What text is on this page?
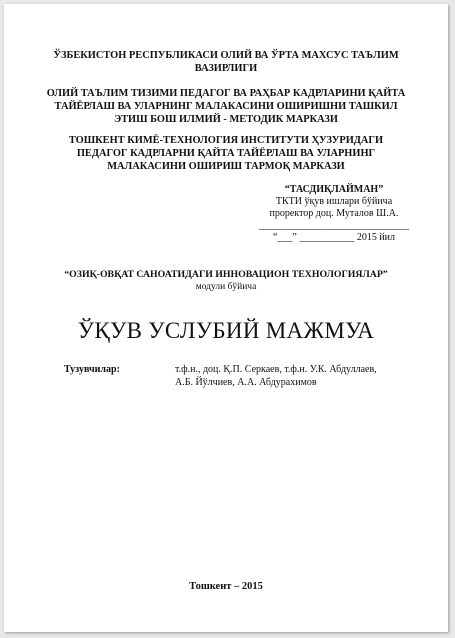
ЎЗБЕКИСТОН РЕСПУБЛИКАСИ ОЛИЙ ВА ЎРТА МАХСУС ТАЪЛИМ
ВАЗИРЛИГИ
ОЛИЙ ТАЪЛИМ ТИЗИМИ ПЕДАГОГ ВА РАҲБАР КАДРЛАРИНИ ҚАЙТА
ТАЙЁРЛАШ ВА УЛАРНИНГ МАЛАКАСИНИ ОШИРИШНИ ТАШКИЛ
ЭТИШ БОШ ИЛМИЙ - МЕТОДИК МАРКАЗИ
ТОШКЕНТ КИМЁ-ТЕХНОЛОГИЯ ИНСТИТУТИ ҲУЗУРИДАГИ
ПЕДАГОГ КАДРЛАРНИ ҚАЙТА ТАЙЁРЛАШ ВА УЛАРНИНГ
МАЛАКАСИНИ ОШИРИШ ТАРМОҚ МАРКАЗИ
“ТАСДИҚЛАЙМАН”
ТКТИ ўқув ишлари бўйича
проректор доц. Муталов Ш.А.
______________________________
“___” ___________ 2015 йил
“ОЗИҚ-ОВҚАТ САНОАТИДАГИ ИННОВАЦИОН ТЕХНОЛОГИЯЛАР”
модули бўйича
ЎҚУВ УСЛУБИЙ МАЖМУА
Тузувчилар:	т.ф.н., доц. Қ.П. Серкаев, т.ф.н. У.К. Абдуллаев,
А.Б. Йўлчиев, А.А. Абдурахимов
Тошкент – 2015
